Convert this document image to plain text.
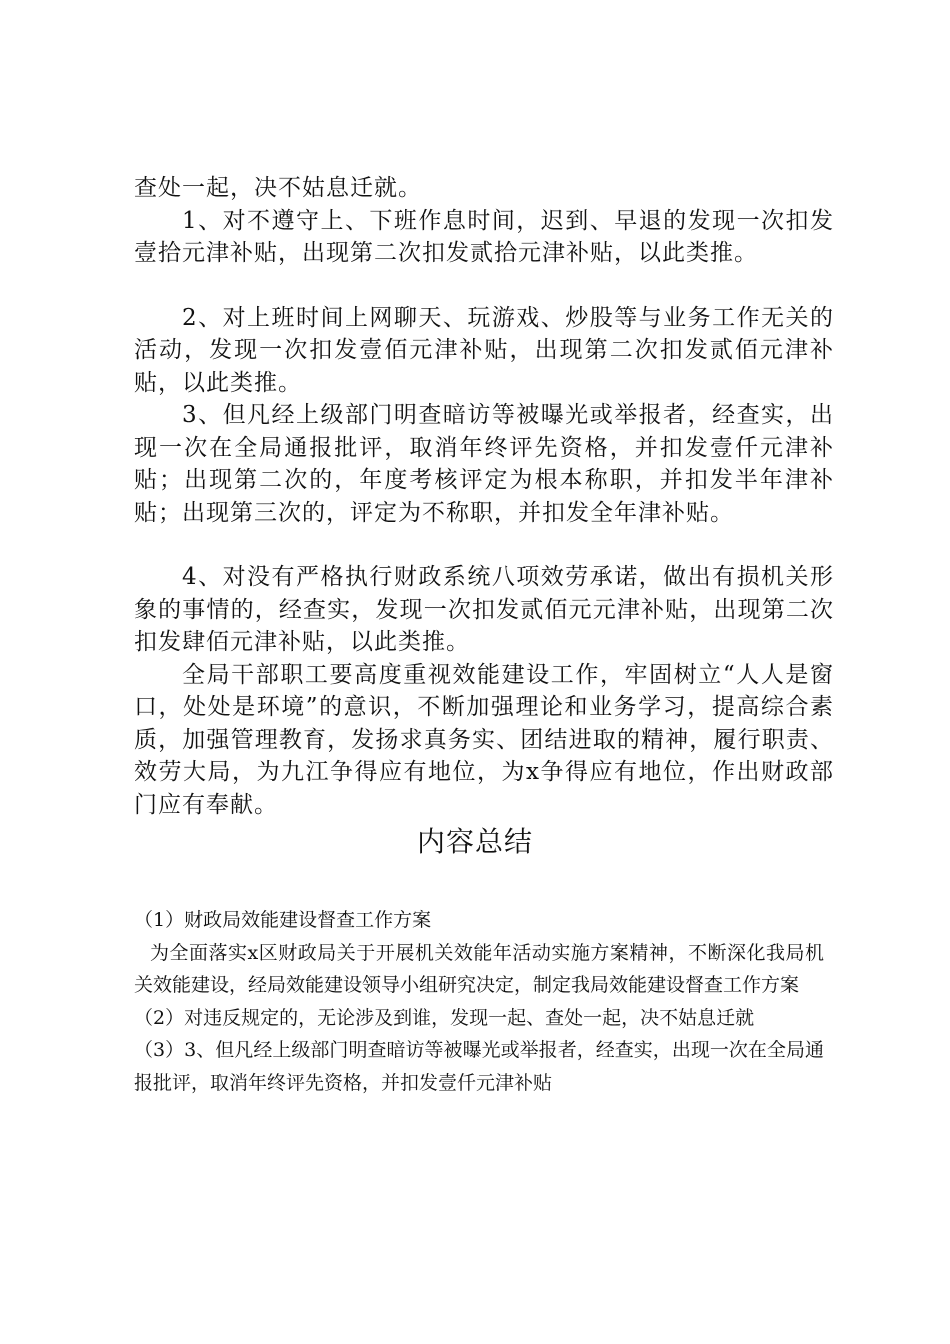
查处一起，决不姑息迁就。

1、对不遵守上、下班作息时间，迟到、早退的发现一次扣发壹拾元津补贴，出现第二次扣发贰拾元津补贴，以此类推。

2、对上班时间上网聊天、玩游戏、炒股等与业务工作无关的活动，发现一次扣发壹佰元津补贴，出现第二次扣发贰佰元津补贴，以此类推。

3、但凡经上级部门明查暗访等被曝光或举报者，经查实，出现一次在全局通报批评，取消年终评先资格，并扣发壹仟元津补贴；出现第二次的，年度考核评定为根本称职，并扣发半年津补贴；出现第三次的，评定为不称职，并扣发全年津补贴。

4、对没有严格执行财政系统八项效劳承诺，做出有损机关形象的事情的，经查实，发现一次扣发贰佰元元津补贴，出现第二次扣发肆佰元津补贴，以此类推。

全局干部职工要高度重视效能建设工作，牢固树立“人人是窗口，处处是环境”的意识，不断加强理论和业务学习，提高综合素质，加强管理教育，发扬求真务实、团结进取的精神，履行职责、效劳大局，为九江争得应有地位，为x争得应有地位，作出财政部门应有奉献。

内容总结

（1）财政局效能建设督查工作方案

为全面落实x区财政局关于开展机关效能年活动实施方案精神，不断深化我局机关效能建设，经局效能建设领导小组研究决定，制定我局效能建设督查工作方案

（2）对违反规定的，无论涉及到谁，发现一起、查处一起，决不姑息迁就

（3）3、但凡经上级部门明查暗访等被曝光或举报者，经查实，出现一次在全局通报批评，取消年终评先资格，并扣发壹仟元津补贴
